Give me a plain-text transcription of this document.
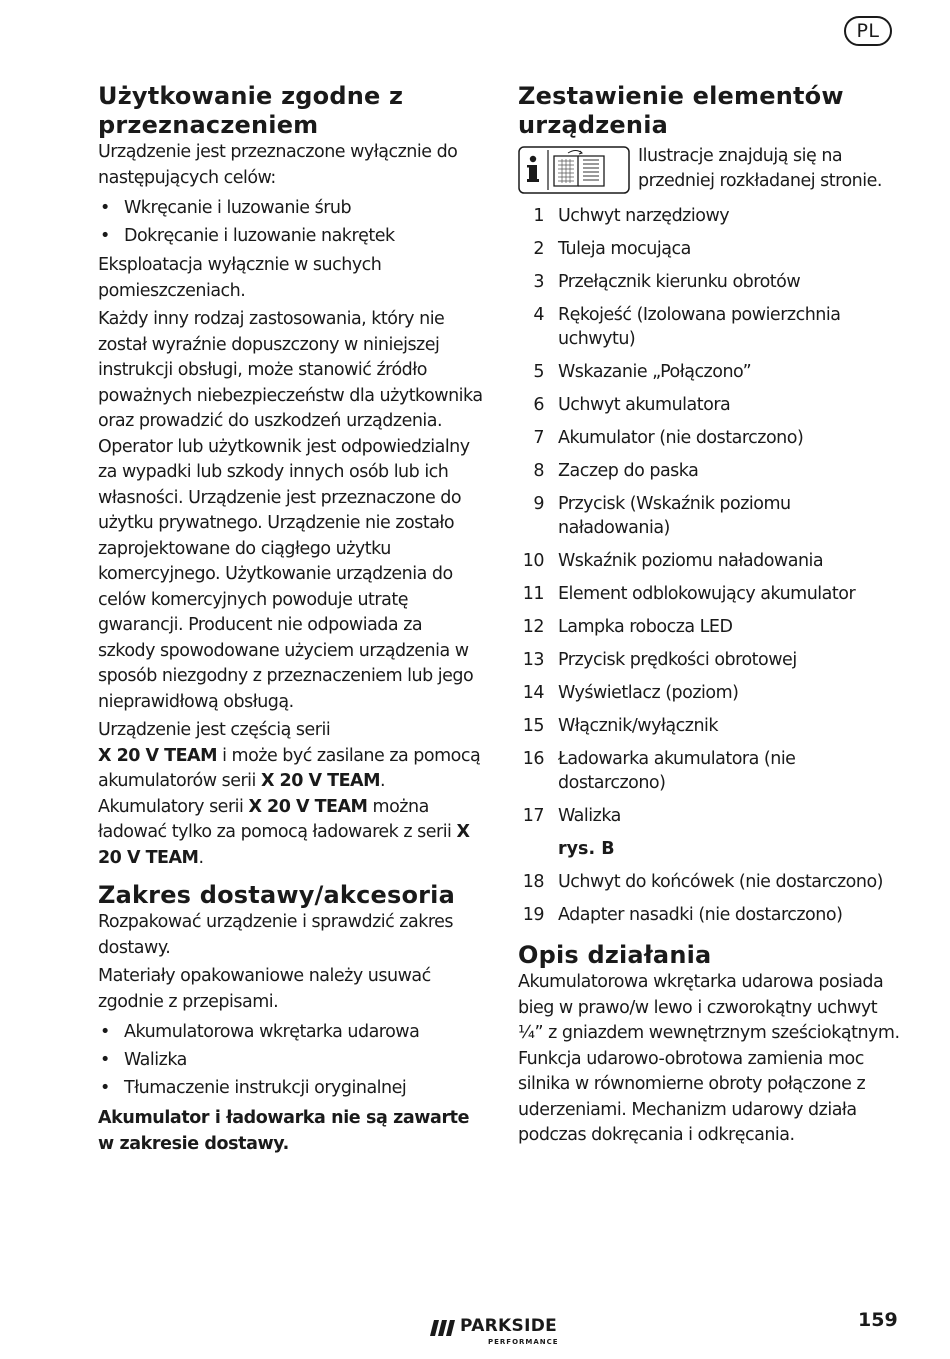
PL
Użytkowanie zgodne z przeznaczeniem

Urządzenie jest przeznaczone wyłącznie do następujących celów:

• Wkręcanie i luzowanie śrub
• Dokręcanie i luzowanie nakrętek

Eksploatacja wyłącznie w suchych pomieszczeniach.

Każdy inny rodzaj zastosowania, który nie został wyraźnie dopuszczony w niniejszej instrukcji obsługi, może stanowić źródło poważnych niebezpieczeństw dla użytkownika oraz prowadzić do uszkodzeń urządzenia. Operator lub użytkownik jest odpowiedzialny za wypadki lub szkody innych osób lub ich własności. Urządzenie jest przeznaczone do użytku prywatnego. Urządzenie nie zostało zaprojektowane do ciągłego użytku komercyjnego. Użytkowanie urządzenia do celów komercyjnych powoduje utratę gwarancji. Producent nie odpowiada za szkody spowodowane użyciem urządzenia w sposób niezgodny z przeznaczeniem lub jego nieprawidłową obsługą.

Urządzenie jest częścią serii
X 20 V TEAM i może być zasilane za pomocą akumulatorów serii X 20 V TEAM. Akumulatory serii X 20 V TEAM można ładować tylko za pomocą ładowarek z serii X 20 V TEAM.

Zakres dostawy/akcesoria

Rozpakować urządzenie i sprawdzić zakres dostawy.

Materiały opakowaniowe należy usuwać zgodnie z przepisami.

• Akumulatorowa wkrętarka udarowa
• Walizka
• Tłumaczenie instrukcji oryginalnej

Akumulator i ładowarka nie są zawarte w zakresie dostawy.

Zestawienie elementów urządzenia
Ilustracje znajdują się na przedniej rozkładanej stronie.
1 Uchwyt narzędziowy
2 Tuleja mocująca
3 Przełącznik kierunku obrotów
4 Rękojeść (Izolowana powierzchnia uchwytu)
5 Wskazanie „Połączono”
6 Uchwyt akumulatora
7 Akumulator (nie dostarczono)
8 Zaczep do paska
9 Przycisk (Wskaźnik poziomu naładowania)
10 Wskaźnik poziomu naładowania
11 Element odblokowujący akumulator
12 Lampka robocza LED
13 Przycisk prędkości obrotowej
14 Wyświetlacz (poziom)
15 Włącznik/wyłącznik
16 Ładowarka akumulatora (nie dostarczono)
17 Walizka
rys. B
18 Uchwyt do końcówek (nie dostarczono)
19 Adapter nasadki (nie dostarczono)
Opis działania

Akumulatorowa wkrętarka udarowa posiada bieg w prawo/w lewo i czworokątny uchwyt ¼” z gniazdem wewnętrznym sześciokątnym. Funkcja udarowo-obrotowa zamienia moc silnika w równomierne obroty połączone z uderzeniami. Mechanizm udarowy działa podczas dokręcania i odkręcania.

PARKSIDE
PERFORMANCE
159
